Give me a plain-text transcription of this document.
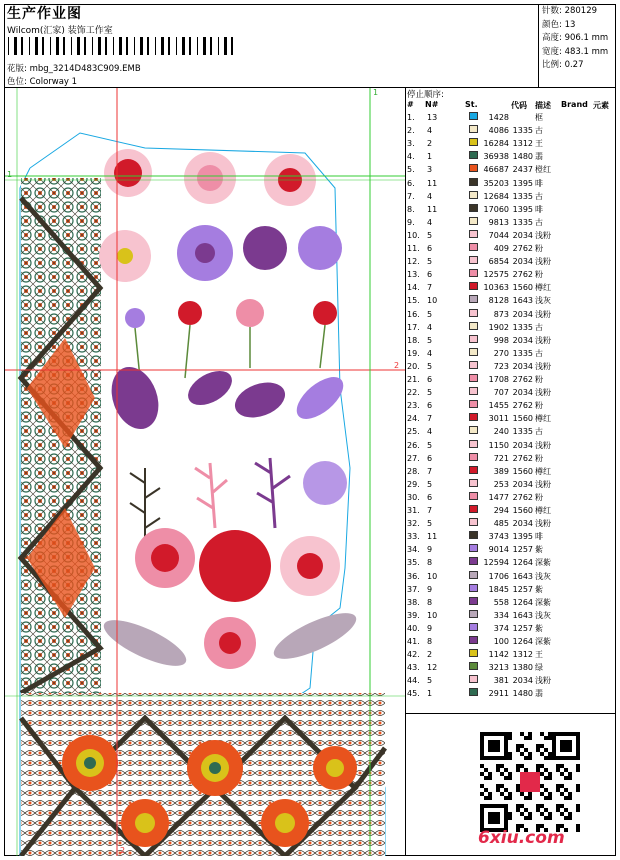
生产作业图
Wilcom(汇家) 装饰工作室
花版: mbg_3214D483C909.EMB
色位: Colorway 1
针数: 280129
颜色: 13
高度: 906.1 mm
宽度: 483.1 mm
比例: 0.27
1
1
2
2
停止顺序:
# N#	St.	代码 描述 Brand 元素
1. 13	1428	框
2. 4	4086 1335 古
3. 2	16284 1312 王
4. 1	36938 1480 翡
5. 3	46687 2437 橙红
6. 11	35203 1395 啡
7. 4	12684 1335 古
8. 11	17060 1395 啡
9. 4	9813 1335 古
10. 5	7044 2034 浅粉
11. 6	409 2762 粉
12. 5	6854 2034 浅粉
13. 6	12575 2762 粉
14. 7	10363 1560 樽红
15. 10	8128 1643 浅灰
16. 5	873 2034 浅粉
17. 4	1902 1335 古
18. 5	998 2034 浅粉
19. 4	270 1335 古
20. 5	723 2034 浅粉
21. 6	1708 2762 粉
22. 5	707 2034 浅粉
23. 6	1455 2762 粉
24. 7	3011 1560 樽红
25. 4	240 1335 古
26. 5	1150 2034 浅粉
27. 6	721 2762 粉
28. 7	389 1560 樽红
29. 5	253 2034 浅粉
30. 6	1477 2762 粉
31. 7	294 1560 樽红
32. 5	485 2034 浅粉
33. 11	3743 1395 啡
34. 9	9014 1257 紫
35. 8	12594 1264 深紫
36. 10	1706 1643 浅灰
37. 9	1845 1257 紫
38. 8	558 1264 深紫
39. 10	334 1643 浅灰
40. 9	374 1257 紫
41. 8	100 1264 深紫
42. 2	1142 1312 王
43. 12	3213 1380 绿
44. 5	381 2034 浅粉
45. 1	2911 1480 翡
6xiu.com
